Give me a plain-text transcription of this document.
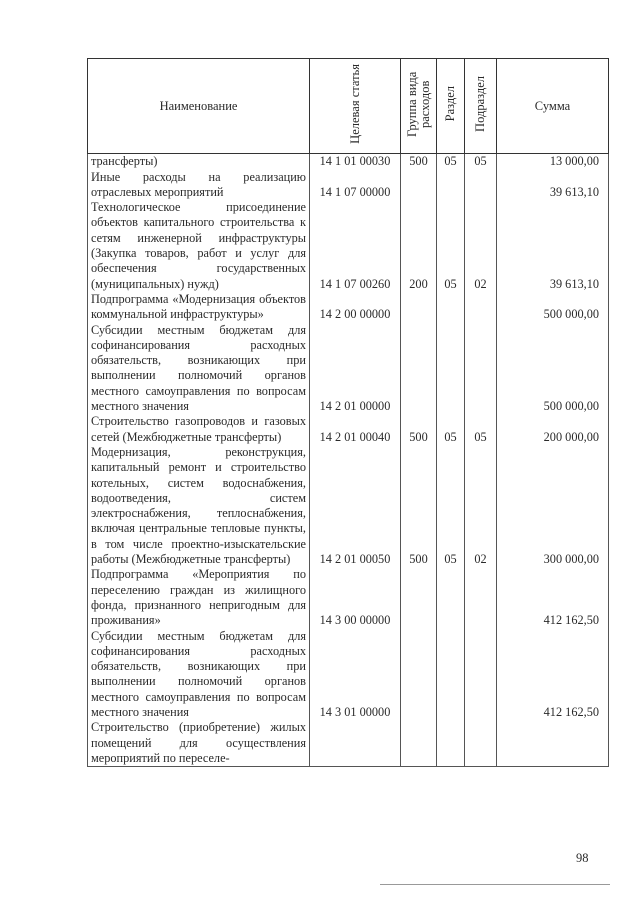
Наименование	Целевая статья	Группа вида расходов	Раздел	Подраздел	Сумма
трансферты)	14 1 01 00030	500	05	05	13 000,00
Иные расходы на реализацию отраслевых мероприятий	14 1 07 00000				39 613,10
Технологическое присоединение объектов капитального строительства к сетям инженерной инфраструктуры (Закупка товаров, работ и услуг для обеспечения государственных (муниципальных) нужд)	14 1 07 00260	200	05	02	39 613,10
Подпрограмма «Модернизация объектов коммунальной инфраструктуры»	14 2 00 00000				500 000,00
Субсидии местным бюджетам для софинансирования расходных обязательств, возникающих при выполнении полномочий органов местного самоуправления по вопросам местного значения	14 2 01 00000				500 000,00
Строительство газопроводов и газовых сетей (Межбюджетные трансферты)	14 2 01 00040	500	05	05	200 000,00
Модернизация, реконструкция, капитальный ремонт и строительство котельных, систем водоснабжения, водоотведения, систем электроснабжения, теплоснабжения, включая центральные тепловые пункты, в том числе проектно-изыскательские работы (Межбюджетные трансферты)	14 2 01 00050	500	05	02	300 000,00
Подпрограмма «Мероприятия по переселению граждан из жилищного фонда, признанного непригодным для проживания»	14 3 00 00000				412 162,50
Субсидии местным бюджетам для софинансирования расходных обязательств, возникающих при выполнении полномочий органов местного самоуправления по вопросам местного значения	14 3 01 00000				412 162,50
Строительство (приобретение) жилых помещений для осуществления мероприятий по переселе-					
98
